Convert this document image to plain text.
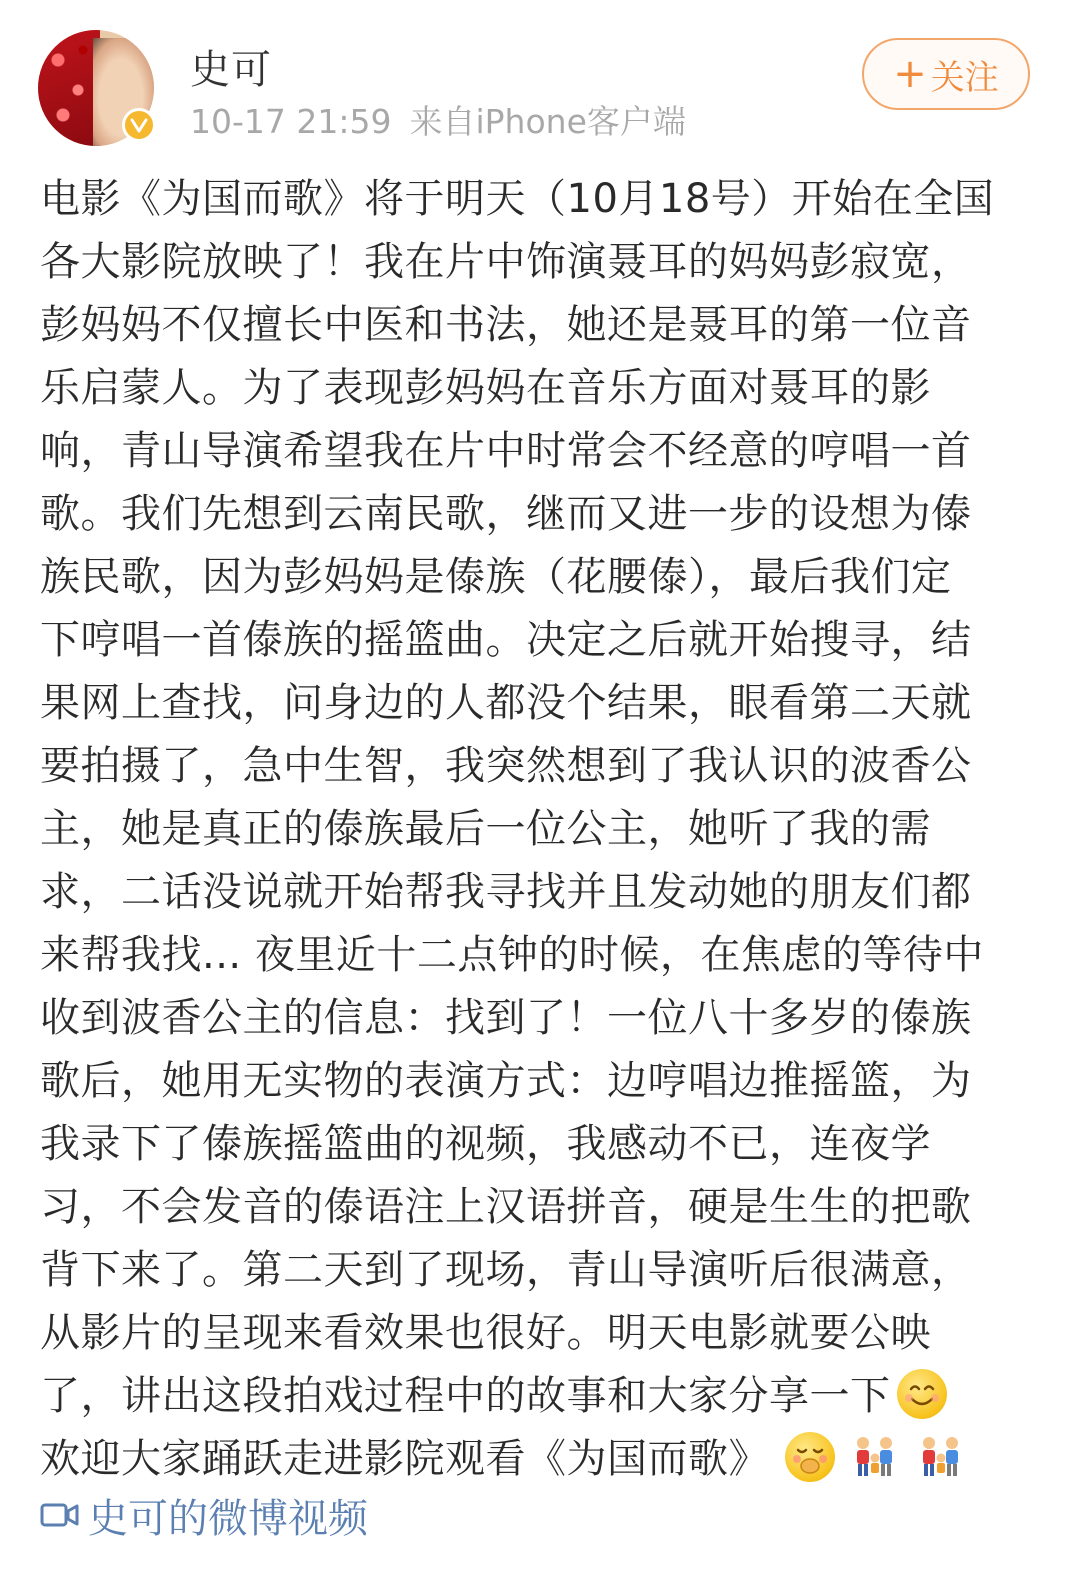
史可
10-17 21:59 来自iPhone客户端
+ 关注
电影《为国而歌》将于明天（10月18号）开始在全国
各大影院放映了！我在片中饰演聂耳的妈妈彭寂宽，
彭妈妈不仅擅长中医和书法，她还是聂耳的第一位音
乐启蒙人。为了表现彭妈妈在音乐方面对聂耳的影
响，青山导演希望我在片中时常会不经意的哼唱一首
歌。我们先想到云南民歌，继而又进一步的设想为傣
族民歌，因为彭妈妈是傣族（花腰傣），最后我们定
下哼唱一首傣族的摇篮曲。决定之后就开始搜寻，结
果网上查找，问身边的人都没个结果，眼看第二天就
要拍摄了，急中生智，我突然想到了我认识的波香公
主，她是真正的傣族最后一位公主，她听了我的需
求，二话没说就开始帮我寻找并且发动她的朋友们都
来帮我找... 夜里近十二点钟的时候，在焦虑的等待中
收到波香公主的信息：找到了！一位八十多岁的傣族
歌后，她用无实物的表演方式：边哼唱边推摇篮，为
我录下了傣族摇篮曲的视频，我感动不已，连夜学
习，不会发音的傣语注上汉语拼音，硬是生生的把歌
背下来了。第二天到了现场，青山导演听后很满意，
从影片的呈现来看效果也很好。明天电影就要公映
了，讲出这段拍戏过程中的故事和大家分享一下
欢迎大家踊跃走进影院观看《为国而歌》
史可的微博视频
